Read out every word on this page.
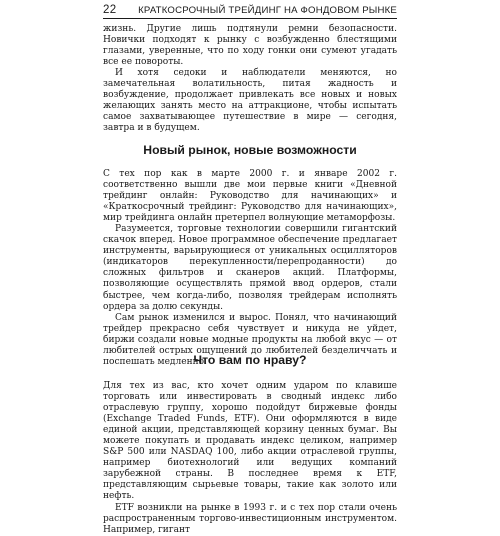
22 КРАТКОСРОЧНЫЙ ТРЕЙДИНГ НА ФОНДОВОМ РЫНКЕ

жизнь. Другие лишь подтянули ремни безопасности. Новички подходят к рынку с возбужденно блестящими глазами, уверенные, что по ходу гонки они сумеют угадать все ее повороты.

И хотя седоки и наблюдатели меняются, но замечательная волатильность, питая жадность и возбуждение, продолжает привлекать все новых и новых желающих занять место на аттракционе, чтобы испытать самое захватывающее путешествие в мире — сегодня, завтра и в будущем.

Новый рынок, новые возможности

С тех пор как в марте 2000 г. и январе 2002 г. соответственно вышли две мои первые книги «Дневной трейдинг онлайн: Руководство для начинающих» и «Краткосрочный трейдинг: Руководство для начинающих», мир трейдинга онлайн претерпел волнующие метаморфозы.

Разумеется, торговые технологии совершили гигантский скачок вперед. Новое программное обеспечение предлагает инструменты, варьирующиеся от уникальных осцилляторов (индикаторов перекупленности/перепроданности) до сложных фильтров и сканеров акций. Платформы, позволяющие осуществлять прямой ввод ордеров, стали быстрее, чем когда-либо, позволяя трейдерам исполнять ордера за долю секунды.

Сам рынок изменился и вырос. Понял, что начинающий трейдер прекрасно себя чувствует и никуда не уйдет, биржи создали новые модные продукты на любой вкус — от любителей острых ощущений до любителей безделиччать и поспешать медленно.

Что вам по нраву?

Для тех из вас, кто хочет одним ударом по клавише торговать или инвестировать в сводный индекс либо отраслевую группу, хорошо подойдут биржевые фонды (Exchange Traded Funds, ETF). Они оформляются в виде единой акции, представляющей корзину ценных бумаг. Вы можете покупать и продавать индекс целиком, например S&P 500 или NASDAQ 100, либо акции отраслевой группы, например биотехнологий или ведущих компаний зарубежной страны. В последнее время к ETF, представляющим сырьевые товары, такие как золото или нефть.

ETF возникли на рынке в 1993 г. и с тех пор стали очень распространенным торгово-инвестиционным инструментом. Например, гигант
